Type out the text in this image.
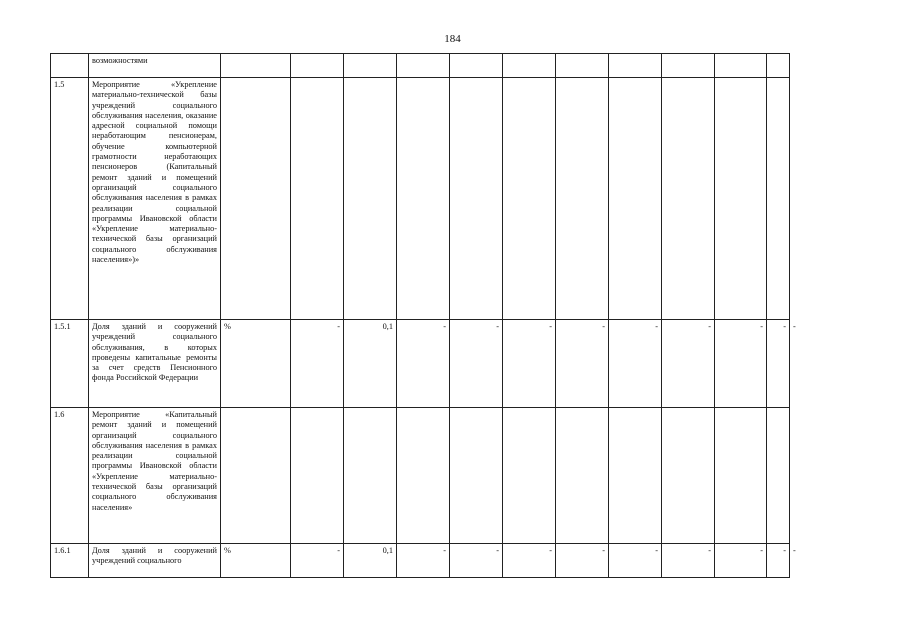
184
	возможностями												
1.5	Мероприятие «Укрепление материально-технической базы учреждений социального обслуживания населения, оказание адресной социальной помощи неработающим пенсионерам, обучение компьютерной грамотности неработающих пенсионеров (Капитальный ремонт зданий и помещений организаций социального обслуживания населения в рамках реализации социальной программы Ивановской области «Укрепление материально-технической базы организаций социального обслуживания населения»)»												
1.5.1	Доля зданий и сооружений учреждений социального обслуживания, в которых проведены капитальные ремонты за счет средств Пенсионного фонда Российской Федерации	%	-	0,1	-	-	-	-	-	-	-	-	-
1.6	Мероприятие «Капитальный ремонт зданий и помещений организаций социального обслуживания населения в рамках реализации социальной программы Ивановской области «Укрепление материально-технической базы организаций социального обслуживания населения»												
1.6.1	Доля зданий и сооружений учреждений социального	%	-	0,1	-	-	-	-	-	-	-	-	-
